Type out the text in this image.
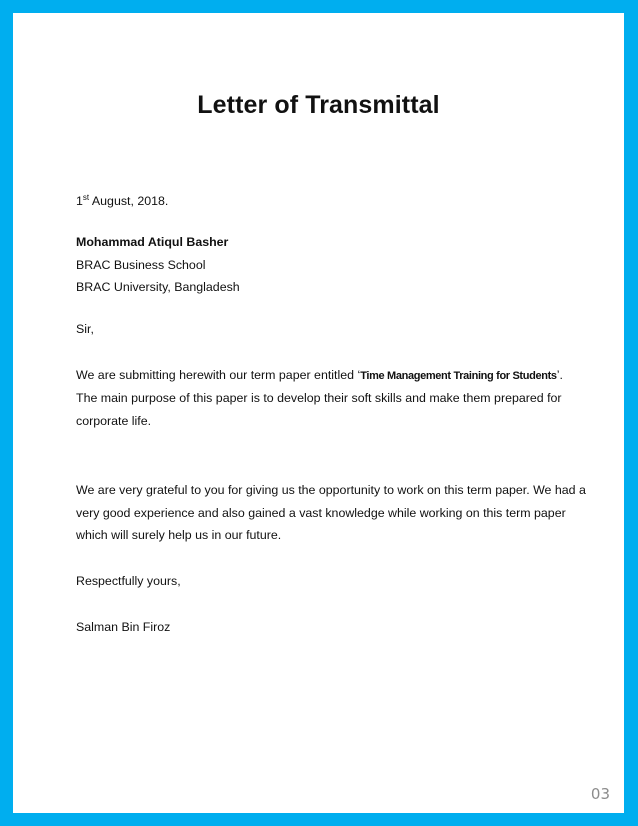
Letter of Transmittal
1st August, 2018.
Mohammad Atiqul Basher
BRAC Business School
BRAC University, Bangladesh
Sir,
We are submitting herewith our term paper entitled ‘Time Management Training for Students’.
The main purpose of this paper is to develop their soft skills and make them prepared for
corporate life.
We are very grateful to you for giving us the opportunity to work on this term paper. We had a
very good experience and also gained a vast knowledge while working on this term paper
which will surely help us in our future.
Respectfully yours,
Salman Bin Firoz
03
